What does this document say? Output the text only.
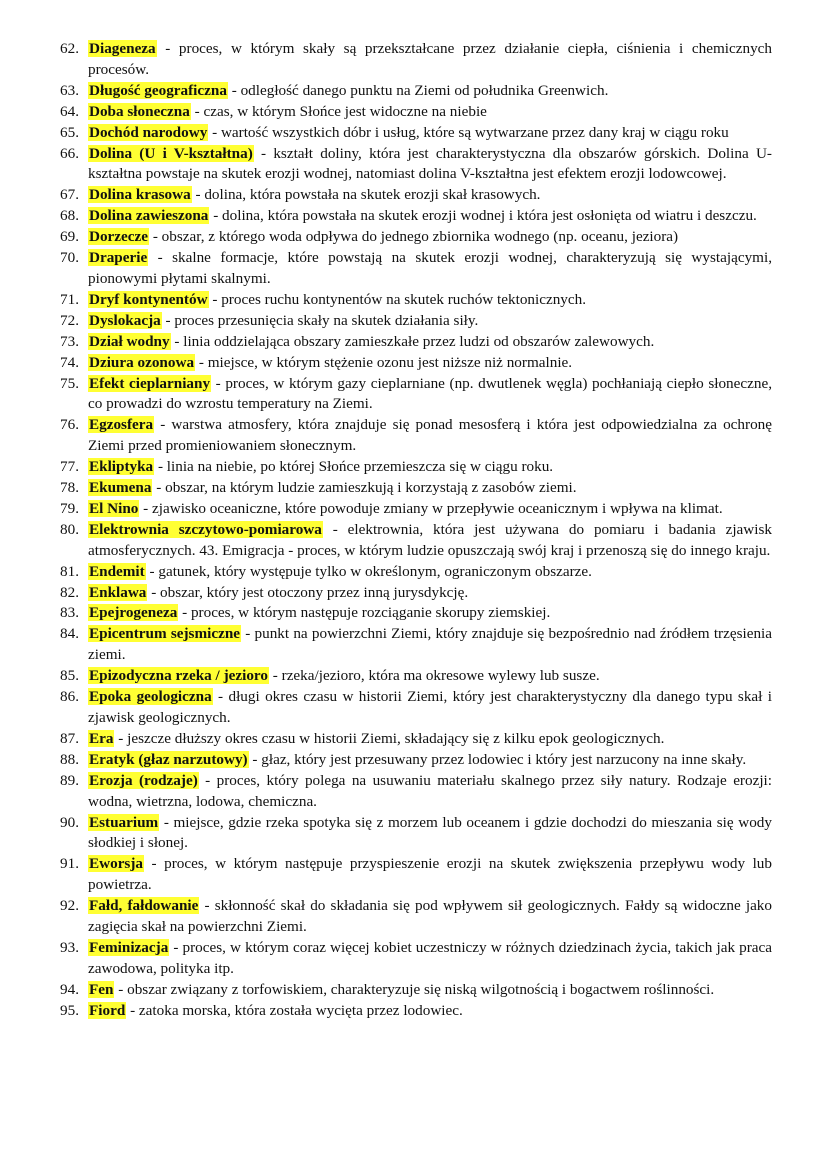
62. Diageneza - proces, w którym skały są przekształcane przez działanie ciepła, ciśnienia i chemicznych procesów.
63. Długość geograficzna - odległość danego punktu na Ziemi od południka Greenwich.
64. Doba słoneczna - czas, w którym Słońce jest widoczne na niebie
65. Dochód narodowy - wartość wszystkich dóbr i usług, które są wytwarzane przez dany kraj w ciągu roku
66. Dolina (U i V-kształtna) - kształt doliny, która jest charakterystyczna dla obszarów górskich. Dolina U-kształtna powstaje na skutek erozji wodnej, natomiast dolina V-kształtna jest efektem erozji lodowcowej.
67. Dolina krasowa - dolina, która powstała na skutek erozji skał krasowych.
68. Dolina zawieszona - dolina, która powstała na skutek erozji wodnej i która jest osłonięta od wiatru i deszczu.
69. Dorzecze - obszar, z którego woda odpływa do jednego zbiornika wodnego (np. oceanu, jeziora)
70. Draperie - skalne formacje, które powstają na skutek erozji wodnej, charakteryzują się wystającymi, pionowymi płytami skalnymi.
71. Dryf kontynentów - proces ruchu kontynentów na skutek ruchów tektonicznych.
72. Dyslokacja - proces przesunięcia skały na skutek działania siły.
73. Dział wodny - linia oddzielająca obszary zamieszkałe przez ludzi od obszarów zalewowych.
74. Dziura ozonowa - miejsce, w którym stężenie ozonu jest niższe niż normalnie.
75. Efekt cieplarniany - proces, w którym gazy cieplarniane (np. dwutlenek węgla) pochłaniają ciepło słoneczne, co prowadzi do wzrostu temperatury na Ziemi.
76. Egzosfera - warstwa atmosfery, która znajduje się ponad mesosferą i która jest odpowiedzialna za ochronę Ziemi przed promieniowaniem słonecznym.
77. Ekliptyka - linia na niebie, po której Słońce przemieszcza się w ciągu roku.
78. Ekumena - obszar, na którym ludzie zamieszkują i korzystają z zasobów ziemi.
79. El Nino - zjawisko oceaniczne, które powoduje zmiany w przepływie oceanicznym i wpływa na klimat.
80. Elektrownia szczytowo-pomiarowa - elektrownia, która jest używana do pomiaru i badania zjawisk atmosferycznych. 43. Emigracja - proces, w którym ludzie opuszczają swój kraj i przenoszą się do innego kraju.
81. Endemit - gatunek, który występuje tylko w określonym, ograniczonym obszarze.
82. Enklawa - obszar, który jest otoczony przez inną jurysdykcję.
83. Epejrogeneza - proces, w którym następuje rozciąganie skorupy ziemskiej.
84. Epicentrum sejsmiczne - punkt na powierzchni Ziemi, który znajduje się bezpośrednio nad źródłem trzęsienia ziemi.
85. Epizodyczna rzeka / jezioro - rzeka/jezioro, która ma okresowe wylewy lub susze.
86. Epoka geologiczna - długi okres czasu w historii Ziemi, który jest charakterystyczny dla danego typu skał i zjawisk geologicznych.
87. Era - jeszcze dłuższy okres czasu w historii Ziemi, składający się z kilku epok geologicznych.
88. Eratyk (głaz narzutowy) - głaz, który jest przesuwany przez lodowiec i który jest narzucony na inne skały.
89. Erozja (rodzaje) - proces, który polega na usuwaniu materiału skalnego przez siły natury. Rodzaje erozji: wodna, wietrzna, lodowa, chemiczna.
90. Estuarium - miejsce, gdzie rzeka spotyka się z morzem lub oceanem i gdzie dochodzi do mieszania się wody słodkiej i słonej.
91. Eworsja - proces, w którym następuje przyspieszenie erozji na skutek zwiększenia przepływu wody lub powietrza.
92. Fałd, fałdowanie - skłonność skał do składania się pod wpływem sił geologicznych. Fałdy są widoczne jako zagięcia skał na powierzchni Ziemi.
93. Feminizacja - proces, w którym coraz więcej kobiet uczestniczy w różnych dziedzinach życia, takich jak praca zawodowa, polityka itp.
94. Fen - obszar związany z torfowiskiem, charakteryzuje się niską wilgotnością i bogactwem roślinności.
95. Fiord - zatoka morska, która została wycięta przez lodowiec.
